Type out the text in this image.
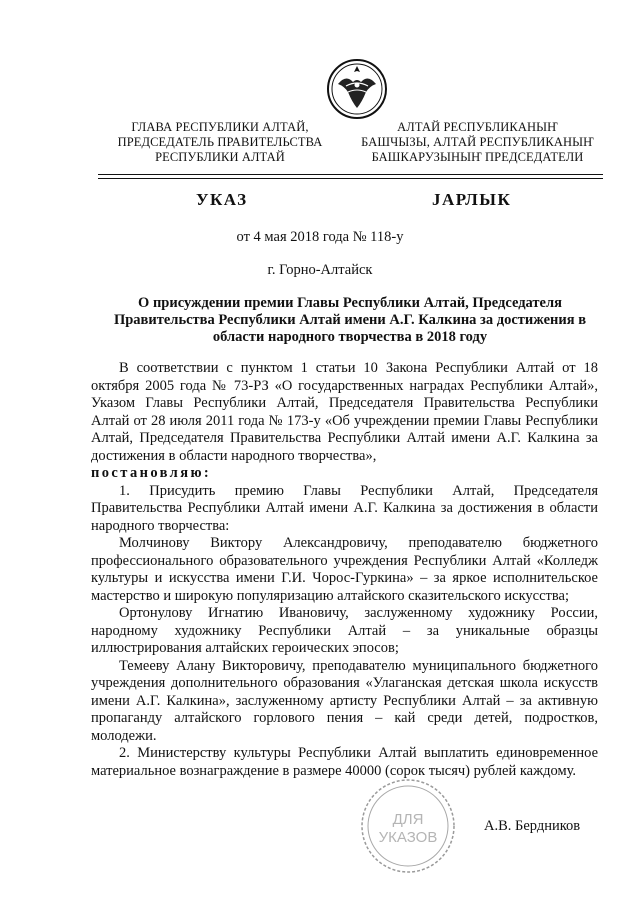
ГЛАВА РЕСПУБЛИКИ АЛТАЙ,
ПРЕДСЕДАТЕЛЬ ПРАВИТЕЛЬСТВА
РЕСПУБЛИКИ АЛТАЙ
АЛТАЙ РЕСПУБЛИКАНЫҤ
БАШЧЫЗЫ, АЛТАЙ РЕСПУБЛИКАНЫҤ
БАШКАРУЗЫНЫҤ ПРЕДСЕДАТЕЛИ
УКАЗ	JАРЛЫК
от 4 мая 2018 года № 118-у
г. Горно-Алтайск
О присуждении премии Главы Республики Алтай, Председателя Правительства Республики Алтай имени А.Г. Калкина за достижения в области народного творчества в 2018 году

В соответствии с пунктом 1 статьи 10 Закона Республики Алтай от 18 октября 2005 года № 73-РЗ «О государственных наградах Республики Алтай», Указом Главы Республики Алтай, Председателя Правительства Республики Алтай от 28 июля 2011 года № 173-у «Об учреждении премии Главы Республики Алтай, Председателя Правительства Республики Алтай имени А.Г. Калкина за достижения в области народного творчества»,
постановляю:

1. Присудить премию Главы Республики Алтай, Председателя Правительства Республики Алтай имени А.Г. Калкина за достижения в области народного творчества:

Молчинову Виктору Александровичу, преподавателю бюджетного профессионального образовательного учреждения Республики Алтай «Колледж культуры и искусства имени Г.И. Чорос-Гуркина» – за яркое исполнительское мастерство и широкую популяризацию алтайского сказительского искусства;

Ортонулову Игнатию Ивановичу, заслуженному художнику России, народному художнику Республики Алтай – за уникальные образцы иллюстрирования алтайских героических эпосов;

Темееву Алану Викторовичу, преподавателю муниципального бюджетного учреждения дополнительного образования «Улаганская детская школа искусств имени А.Г. Калкина», заслуженному артисту Республики Алтай – за активную пропаганду алтайского горлового пения – кай среди детей, подростков, молодежи.

2. Министерству культуры Республики Алтай выплатить единовременное материальное вознаграждение в размере 40000 (сорок тысяч) рублей каждому.

ДЛЯ
УКАЗОВ
А.В. Бердников
